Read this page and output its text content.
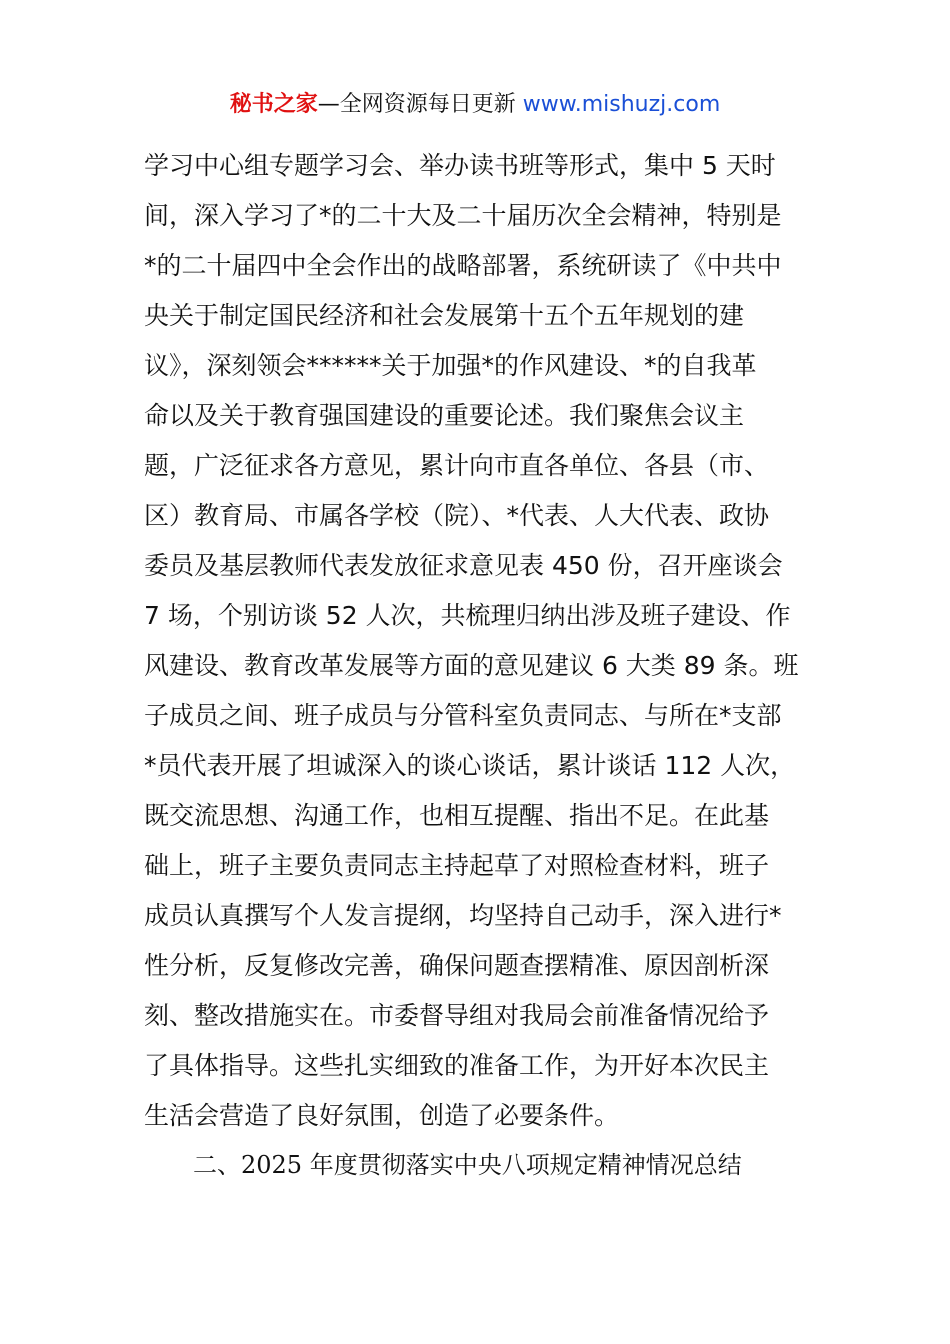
秘书之家—全网资源每日更新 www.mishuzj.com
学习中心组专题学习会、举办读书班等形式，集中 5 天时
间，深入学习了*的二十大及二十届历次全会精神，特别是
*的二十届四中全会作出的战略部署，系统研读了《中共中
央关于制定国民经济和社会发展第十五个五年规划的建
议》，深刻领会******关于加强*的作风建设、*的自我革
命以及关于教育强国建设的重要论述。我们聚焦会议主
题，广泛征求各方意见，累计向市直各单位、各县（市、
区）教育局、市属各学校（院）、*代表、人大代表、政协
委员及基层教师代表发放征求意见表 450 份，召开座谈会
7 场，个别访谈 52 人次，共梳理归纳出涉及班子建设、作
风建设、教育改革发展等方面的意见建议 6 大类 89 条。班
子成员之间、班子成员与分管科室负责同志、与所在*支部
*员代表开展了坦诚深入的谈心谈话，累计谈话 112 人次，
既交流思想、沟通工作，也相互提醒、指出不足。在此基
础上，班子主要负责同志主持起草了对照检查材料，班子
成员认真撰写个人发言提纲，均坚持自己动手，深入进行*
性分析，反复修改完善，确保问题查摆精准、原因剖析深
刻、整改措施实在。市委督导组对我局会前准备情况给予
了具体指导。这些扎实细致的准备工作，为开好本次民主
生活会营造了良好氛围，创造了必要条件。
二、2025 年度贯彻落实中央八项规定精神情况总结
